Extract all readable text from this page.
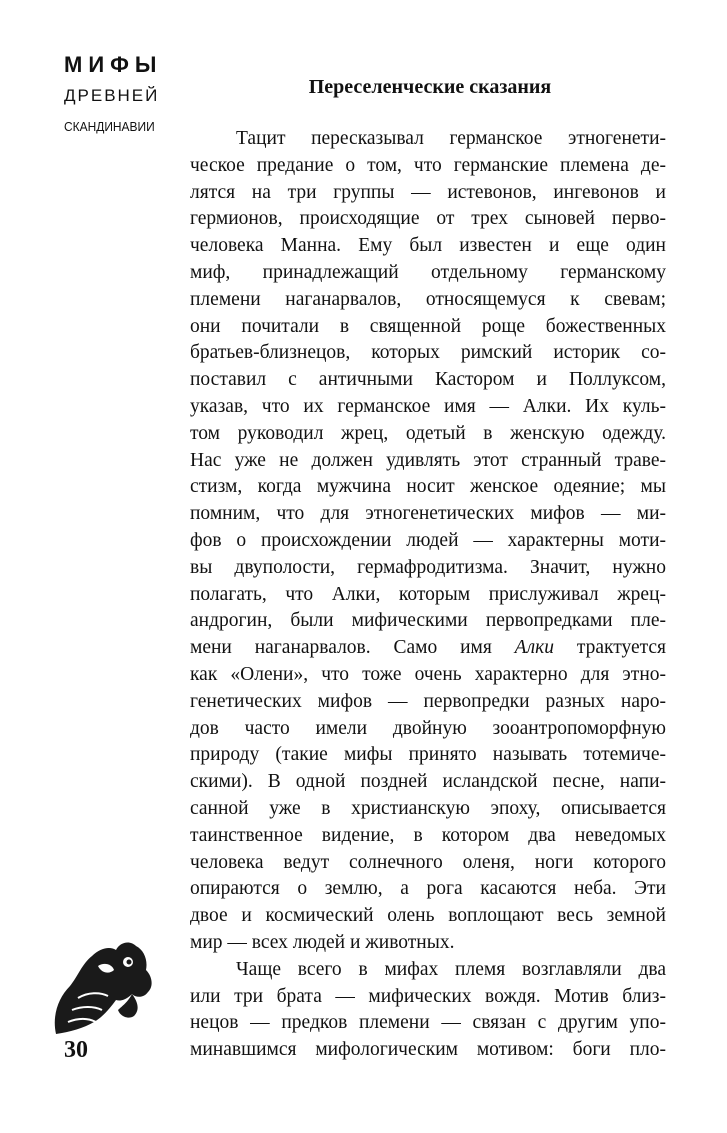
МИФЫ
ДРЕВНЕЙ
СКАНДИНАВИИ
Переселенческие сказания
Тацит пересказывал германское этногенети-
ческое предание о том, что германские племена де-
лятся на три группы — истевонов, ингевонов и
гермионов, происходящие от трех сыновей перво-
человека Манна. Ему был известен и еще один
миф, принадлежащий отдельному германскому
племени наганарвалов, относящемуся к свевам;
они почитали в священной роще божественных
братьев-близнецов, которых римский историк со-
поставил с античными Кастором и Поллуксом,
указав, что их германское имя — Алки. Их куль-
том руководил жрец, одетый в женскую одежду.
Нас уже не должен удивлять этот странный траве-
стизм, когда мужчина носит женское одеяние; мы
помним, что для этногенетических мифов — ми-
фов о происхождении людей — характерны моти-
вы двуполости, гермафродитизма. Значит, нужно
полагать, что Алки, которым прислуживал жрец-
андрогин, были мифическими первопредками пле-
мени наганарвалов. Само имя Алки трактуется
как «Олени», что тоже очень характерно для этно-
генетических мифов — первопредки разных наро-
дов часто имели двойную зооантропоморфную
природу (такие мифы принято называть тотемиче-
скими). В одной поздней исландской песне, напи-
санной уже в христианскую эпоху, описывается
таинственное видение, в котором два неведомых
человека ведут солнечного оленя, ноги которого
опираются о землю, а рога касаются неба. Эти
двое и космический олень воплощают весь земной
мир — всех людей и животных.
Чаще всего в мифах племя возглавляли два
или три брата — мифических вождя. Мотив близ-
нецов — предков племени — связан с другим упо-
минавшимся мифологическим мотивом: боги пло-
30
